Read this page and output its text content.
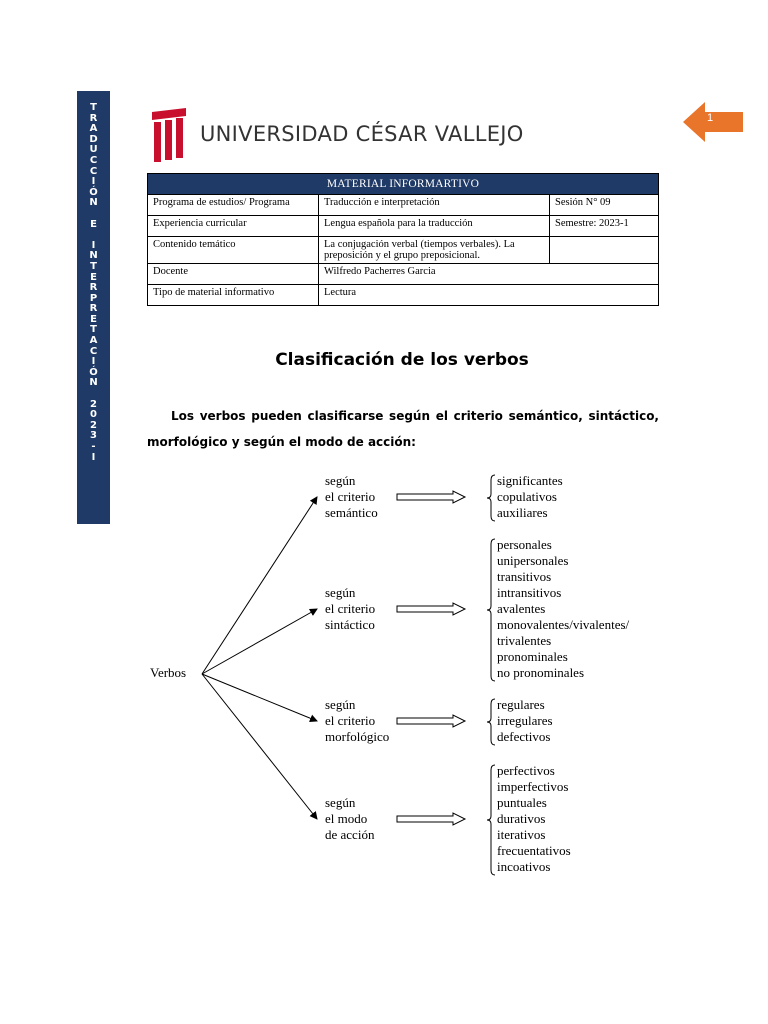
T
R
A
D
U
C
C
I
Ó
N

E

I
N
T
E
R
P
R
E
T
A
C
I
Ó
N

2
0
2
3
-
I
UNIVERSIDAD CÉSAR VALLEJO
1
MATERIAL INFORMARTIVO		
Programa de estudios/ Programa	Traducción e interpretación	Sesión N° 09
Experiencia curricular	Lengua española para la traducción	Semestre: 2023-1
Contenido temático	La conjugación verbal (tiempos verbales). La preposición y el grupo preposicional.	
Docente	Wilfredo Pacherres Garcia	
Tipo de material informativo	Lectura	
Clasificación de los verbos

Los verbos pueden clasificarse según el criterio semántico, sintáctico, morfológico y según el modo de acción:

Verbos
según
el criterio
semántico
significantes
copulativos
auxiliares
según
el criterio
sintáctico
personales
unipersonales
transitivos
intransitivos
avalentes
monovalentes/vivalentes/
trivalentes
pronominales
no pronominales
según
el criterio
morfológico
regulares
irregulares
defectivos
según
el modo
de acción
perfectivos
imperfectivos
puntuales
durativos
iterativos
frecuentativos
incoativos
